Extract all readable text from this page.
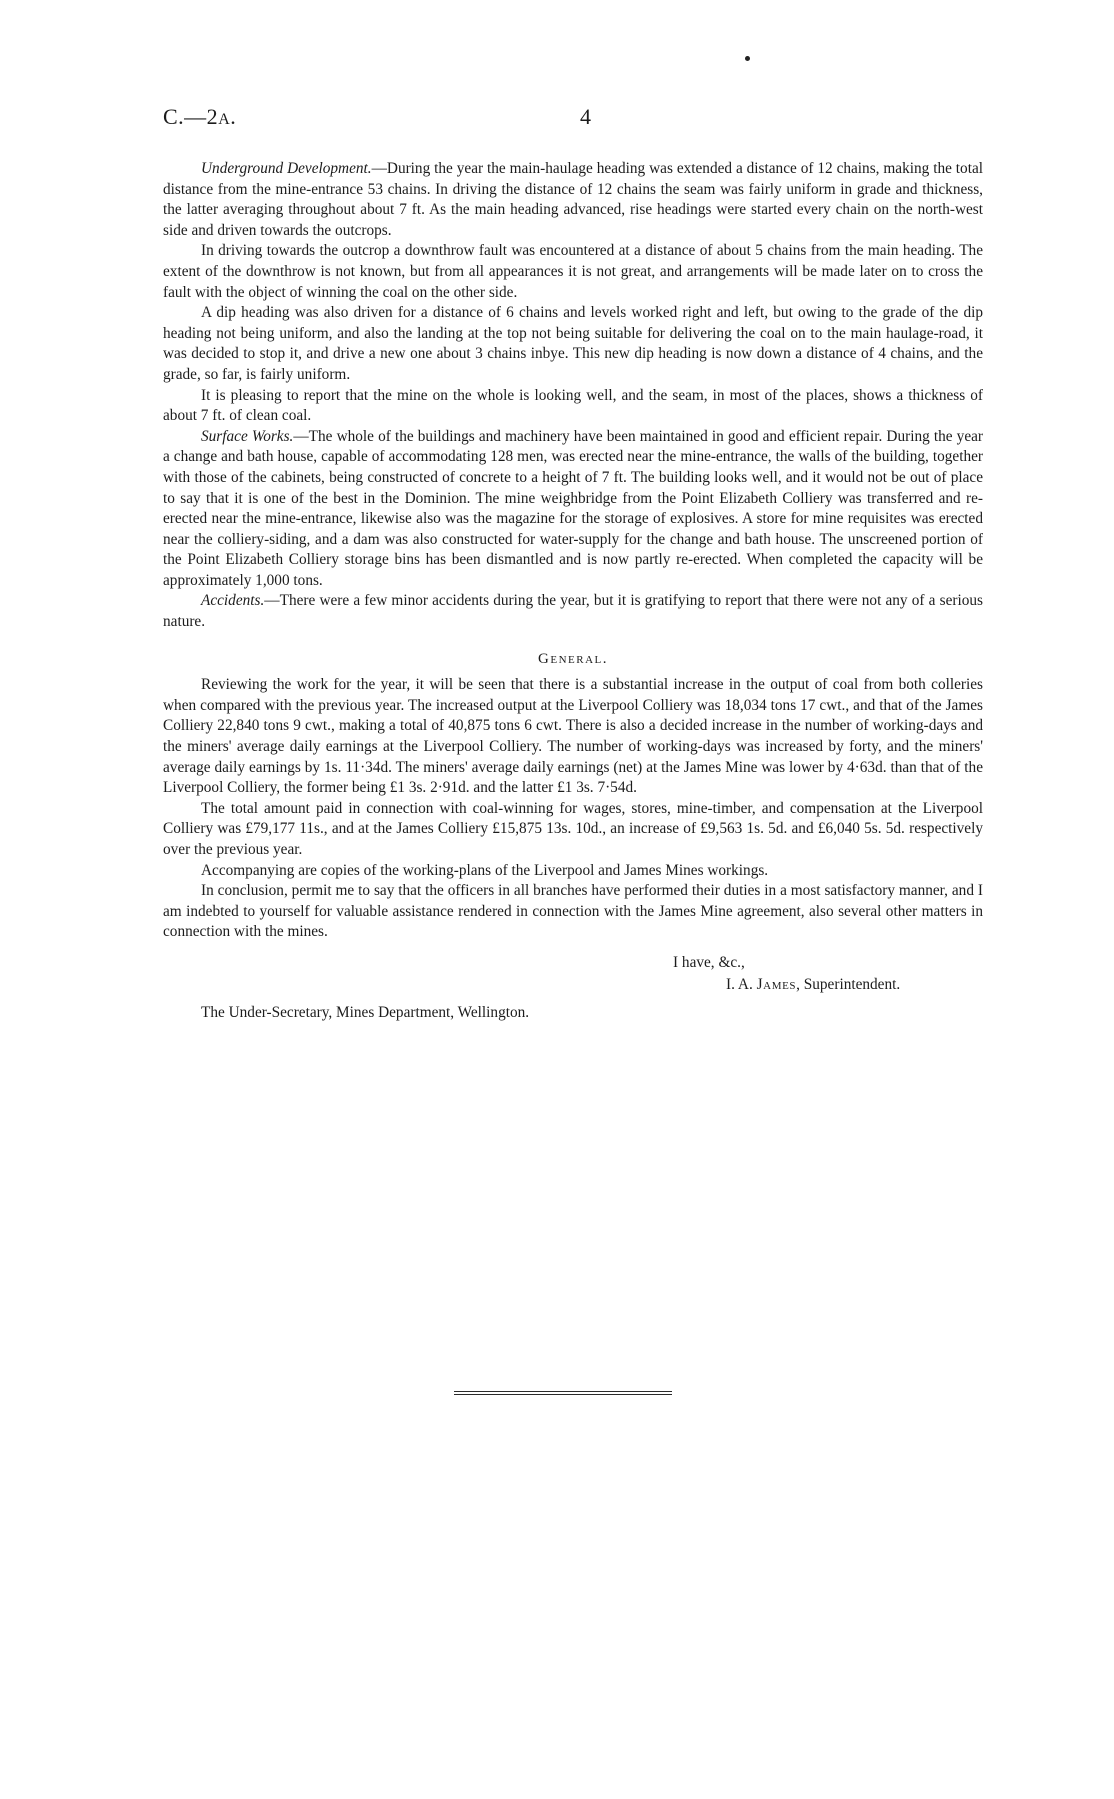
C.—2A.	4

Underground Development.—During the year the main-haulage heading was extended a distance of 12 chains, making the total distance from the mine-entrance 53 chains. In driving the distance of 12 chains the seam was fairly uniform in grade and thickness, the latter averaging throughout about 7 ft. As the main heading advanced, rise headings were started every chain on the north-west side and driven towards the outcrops.

In driving towards the outcrop a downthrow fault was encountered at a distance of about 5 chains from the main heading. The extent of the downthrow is not known, but from all appearances it is not great, and arrangements will be made later on to cross the fault with the object of winning the coal on the other side.

A dip heading was also driven for a distance of 6 chains and levels worked right and left, but owing to the grade of the dip heading not being uniform, and also the landing at the top not being suitable for delivering the coal on to the main haulage-road, it was decided to stop it, and drive a new one about 3 chains inbye. This new dip heading is now down a distance of 4 chains, and the grade, so far, is fairly uniform.

It is pleasing to report that the mine on the whole is looking well, and the seam, in most of the places, shows a thickness of about 7 ft. of clean coal.

Surface Works.—The whole of the buildings and machinery have been maintained in good and efficient repair. During the year a change and bath house, capable of accommodating 128 men, was erected near the mine-entrance, the walls of the building, together with those of the cabinets, being constructed of concrete to a height of 7 ft. The building looks well, and it would not be out of place to say that it is one of the best in the Dominion. The mine weighbridge from the Point Elizabeth Colliery was transferred and re-erected near the mine-entrance, likewise also was the magazine for the storage of explosives. A store for mine requisites was erected near the colliery-siding, and a dam was also constructed for water-supply for the change and bath house. The unscreened portion of the Point Elizabeth Colliery storage bins has been dismantled and is now partly re-erected. When completed the capacity will be approximately 1,000 tons.

Accidents.—There were a few minor accidents during the year, but it is gratifying to report that there were not any of a serious nature.

General.

Reviewing the work for the year, it will be seen that there is a substantial increase in the output of coal from both colleries when compared with the previous year. The increased output at the Liverpool Colliery was 18,034 tons 17 cwt., and that of the James Colliery 22,840 tons 9 cwt., making a total of 40,875 tons 6 cwt. There is also a decided increase in the number of working-days and the miners' average daily earnings at the Liverpool Colliery. The number of working-days was increased by forty, and the miners' average daily earnings by 1s. 11·34d. The miners' average daily earnings (net) at the James Mine was lower by 4·63d. than that of the Liverpool Colliery, the former being £1 3s. 2·91d. and the latter £1 3s. 7·54d.

The total amount paid in connection with coal-winning for wages, stores, mine-timber, and compensation at the Liverpool Colliery was £79,177 11s., and at the James Colliery £15,875 13s. 10d., an increase of £9,563 1s. 5d. and £6,040 5s. 5d. respectively over the previous year.

Accompanying are copies of the working-plans of the Liverpool and James Mines workings.

In conclusion, permit me to say that the officers in all branches have performed their duties in a most satisfactory manner, and I am indebted to yourself for valuable assistance rendered in connection with the James Mine agreement, also several other matters in connection with the mines.

I have, &c.,
I. A. James, Superintendent.
The Under-Secretary, Mines Department, Wellington.
